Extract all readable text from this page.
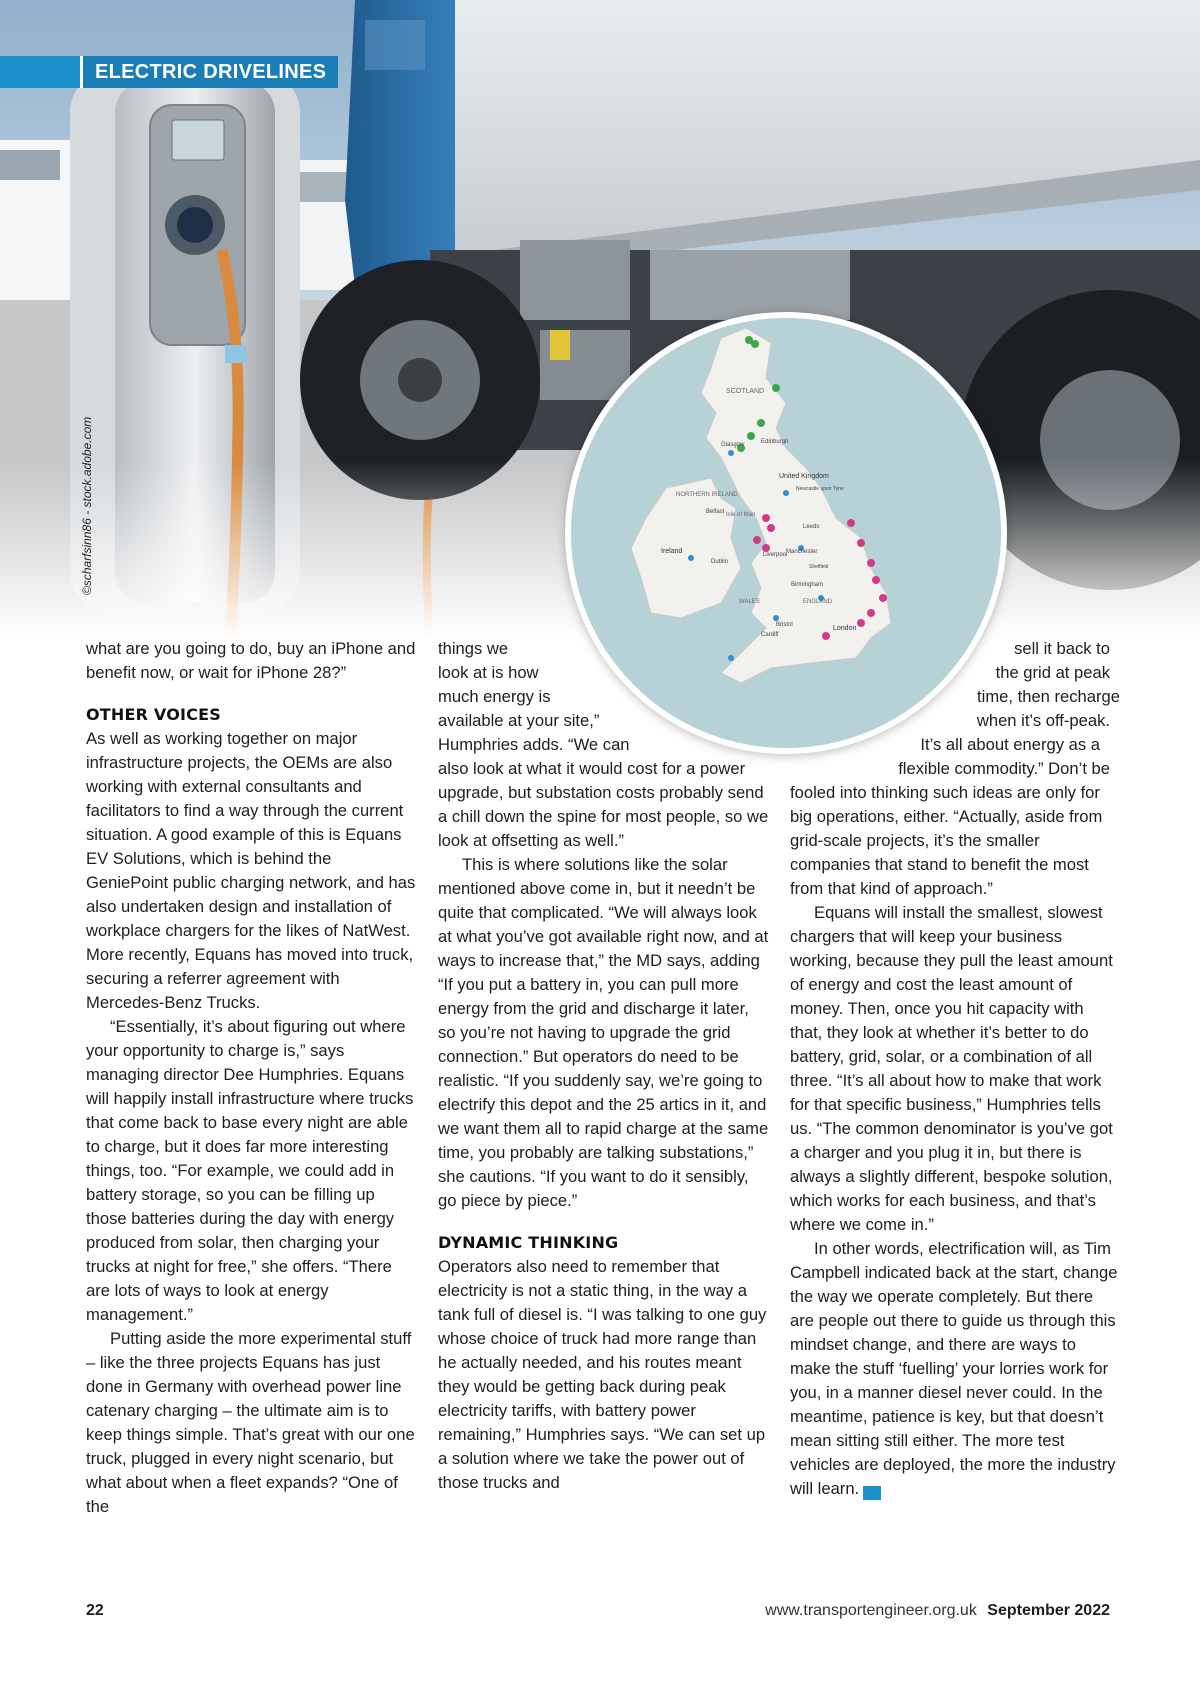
ELECTRIC DRIVELINES
©scharfsinn86 - stock.adobe.com

what are you going to do, buy an iPhone and benefit now, or wait for iPhone 28?”

OTHER VOICES

As well as working together on major infrastructure projects, the OEMs are also working with external consultants and facilitators to find a way through the current situation. A good example of this is Equans EV Solutions, which is behind the GeniePoint public charging network, and has also undertaken design and installation of workplace chargers for the likes of NatWest. More recently, Equans has moved into truck, securing a referrer agreement with Mercedes-Benz Trucks.

“Essentially, it’s about figuring out where your opportunity to charge is,” says managing director Dee Humphries. Equans will happily install infrastructure where trucks that come back to base every night are able to charge, but it does far more interesting things, too. “For example, we could add in battery storage, so you can be filling up those batteries during the day with energy produced from solar, then charging your trucks at night for free,” she offers. “There are lots of ways to look at energy management.”

Putting aside the more experimental stuff – like the three projects Equans has just done in Germany with overhead power line catenary charging – the ultimate aim is to keep things simple. That’s great with our one truck, plugged in every night scenario, but what about when a fleet expands? “One of the

things we
look at is how
much energy is
available at your site,”
Humphries adds. “We can

also look at what it would cost for a power upgrade, but substation costs probably send a chill down the spine for most people, so we look at offsetting as well.”

This is where solutions like the solar mentioned above come in, but it needn’t be quite that complicated. “We will always look at what you’ve got available right now, and at ways to increase that,” the MD says, adding “If you put a battery in, you can pull more energy from the grid and discharge it later, so you’re not having to upgrade the grid connection.” But operators do need to be realistic. “If you suddenly say, we’re going to electrify this depot and the 25 artics in it, and we want them all to rapid charge at the same time, you probably are talking substations,” she cautions. “If you want to do it sensibly, go piece by piece.”

DYNAMIC THINKING

Operators also need to remember that electricity is not a static thing, in the way a tank full of diesel is. “I was talking to one guy whose choice of truck had more range than he actually needed, and his routes meant they would be getting back during peak electricity tariffs, with battery power remaining,” Humphries says. “We can set up a solution where we take the power out of those trucks and

sell it back to
the grid at peak
time, then recharge
when it’s off-peak.
It’s all about energy as a
flexible commodity.” Don’t be

fooled into thinking such ideas are only for big operations, either. “Actually, aside from grid-scale projects, it’s the smaller companies that stand to benefit the most from that kind of approach.”

Equans will install the smallest, slowest chargers that will keep your business working, because they pull the least amount of energy and cost the least amount of money. Then, once you hit capacity with that, they look at whether it’s better to do battery, grid, solar, or a combination of all three. “It’s all about how to make that work for that specific business,” Humphries tells us. “The common denominator is you’ve got a charger and you plug it in, but there is always a slightly different, bespoke solution, which works for each business, and that’s where we come in.”

In other words, electrification will, as Tim Campbell indicated back at the start, change the way we operate completely. But there are people out there to guide us through this mindset change, and there are ways to make the stuff ‘fuelling’ your lorries work for you, in a manner diesel never could. In the meantime, patience is key, but that doesn’t mean sitting still either. The more test vehicles are deployed, the more the industry will learn.	TE

SCOTLAND
United Kingdom
NORTHERN IRELAND
Ireland
Isle of Man
WALES	ENGLAND
Glasgow	Edinburgh
Belfast
Dublin
Leeds
Liverpool
Manchester
Birmingham
London
Cardiff
Bristol
Newcastle upon Tyne
Sheffield
22	www.transportengineer.org.uk September 2022
